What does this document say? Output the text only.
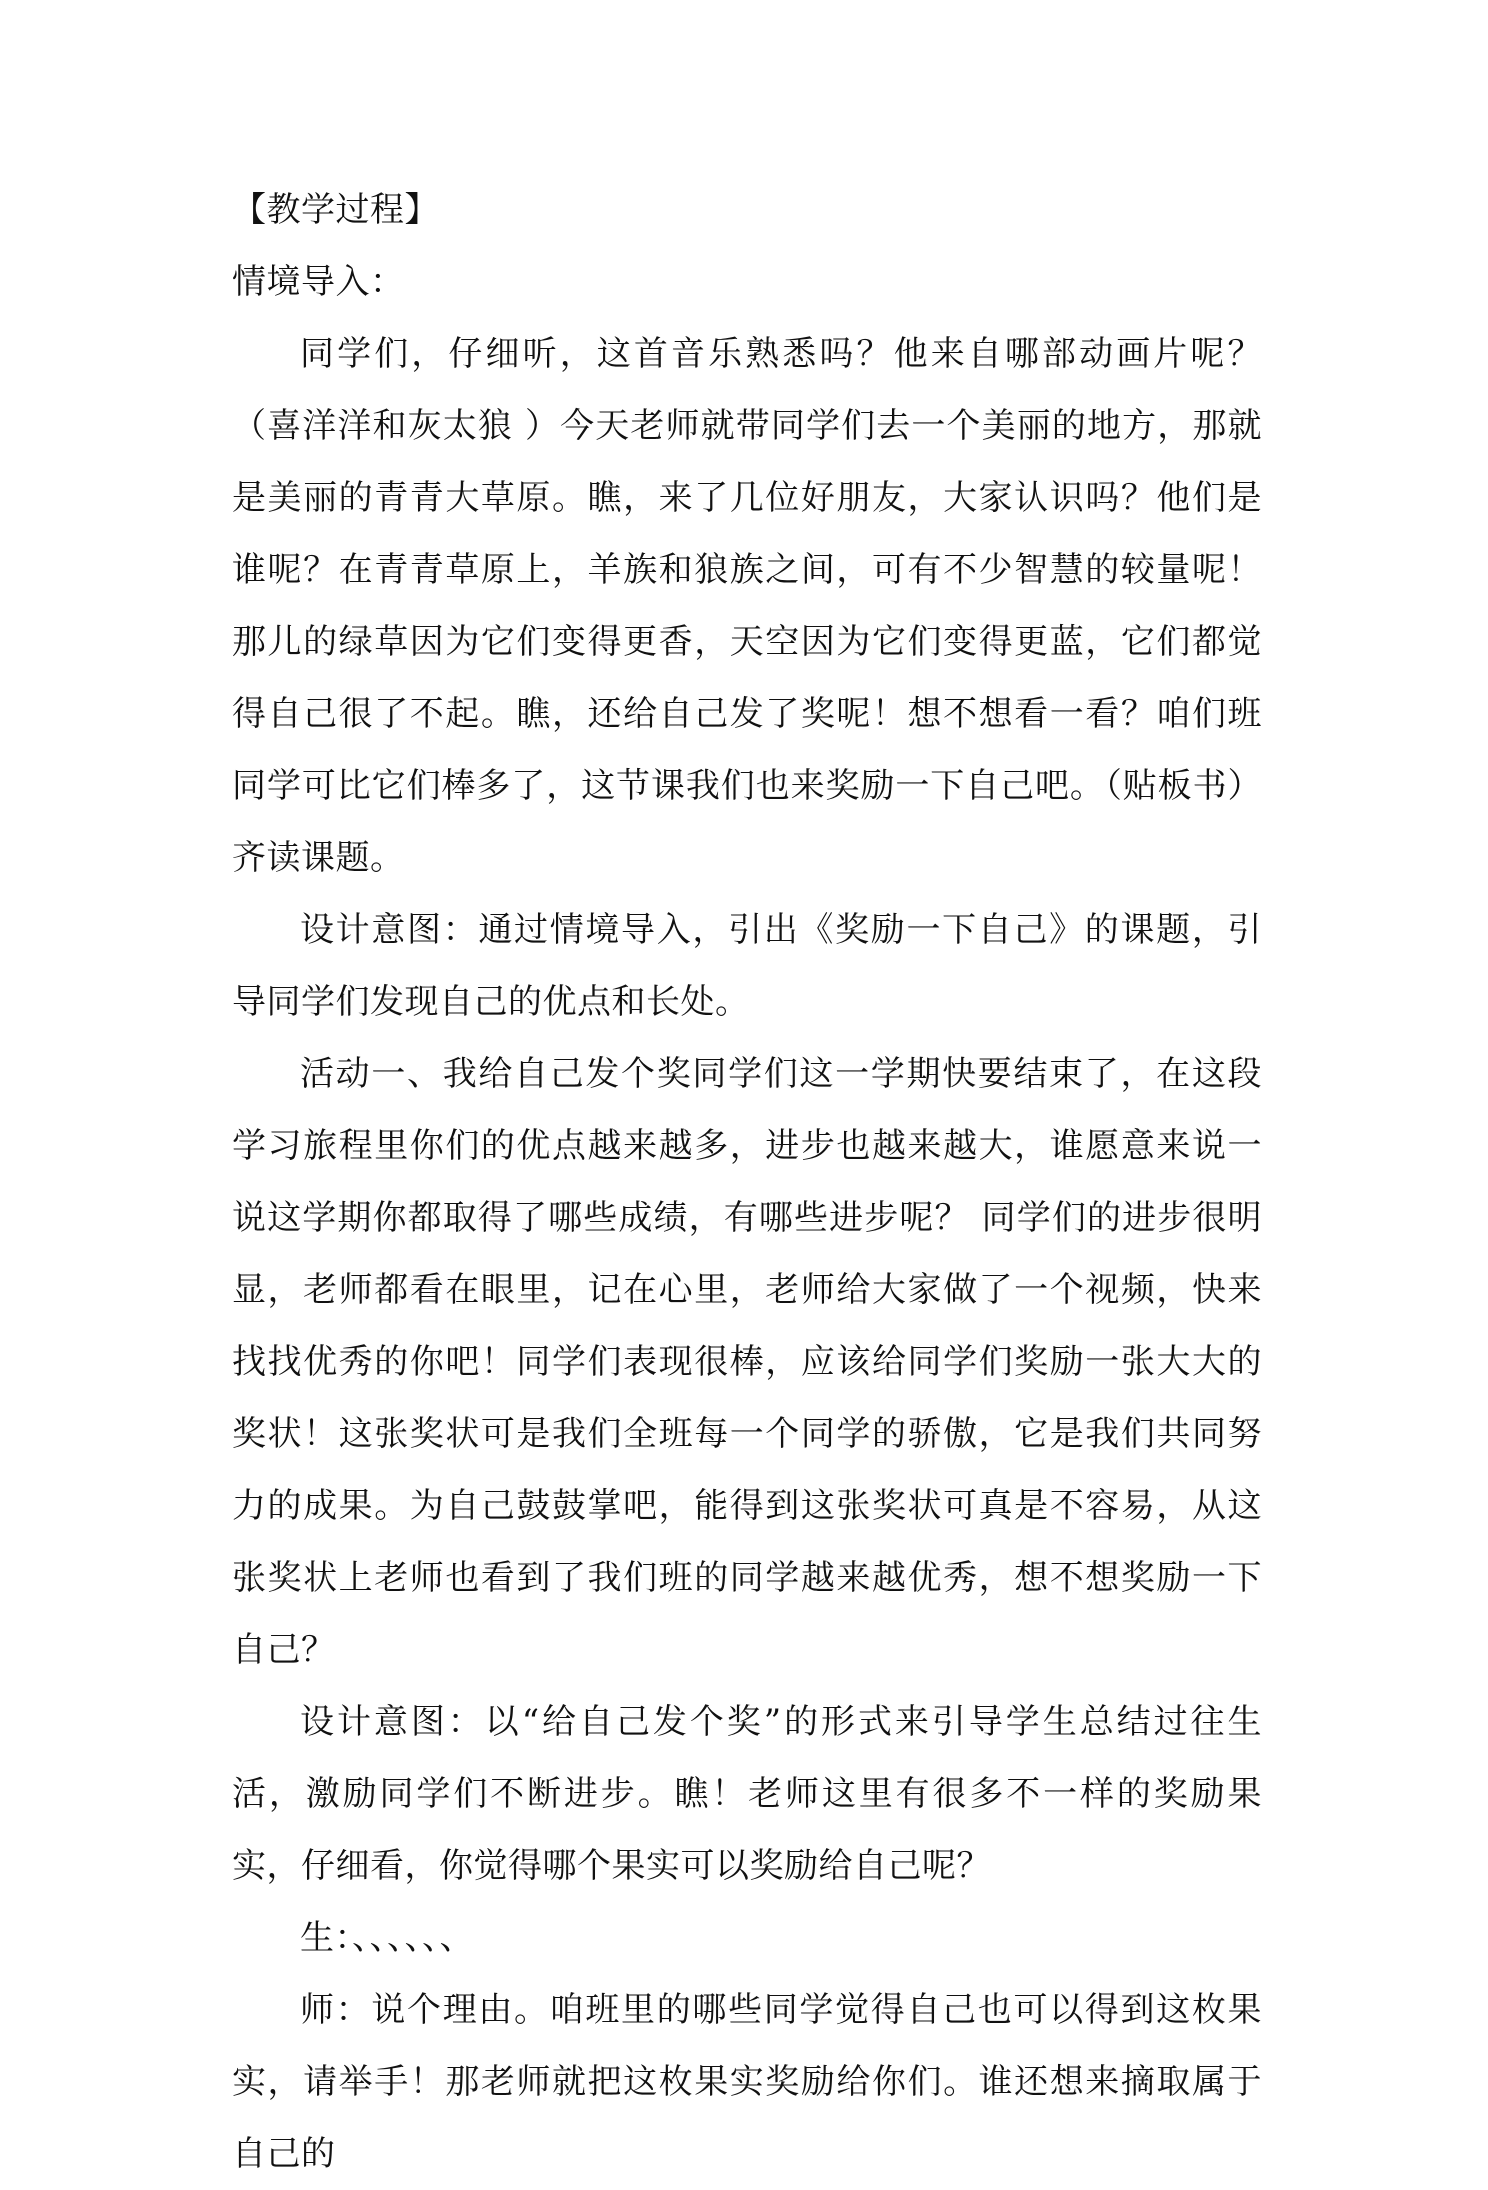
【教学过程】

情境导入：

同学们，仔细听，这首音乐熟悉吗？他来自哪部动画片呢？（喜洋洋和灰太狼 ）今天老师就带同学们去一个美丽的地方，那就是美丽的青青大草原。瞧，来了几位好朋友，大家认识吗？他们是谁呢？在青青草原上，羊族和狼族之间，可有不少智慧的较量呢！那儿的绿草因为它们变得更香，天空因为它们变得更蓝，它们都觉得自己很了不起。瞧，还给自己发了奖呢！想不想看一看？咱们班同学可比它们棒多了，这节课我们也来奖励一下自己吧。（贴板书）齐读课题。

设计意图：通过情境导入，引出《奖励一下自己》的课题，引导同学们发现自己的优点和长处。

活动一、我给自己发个奖同学们这一学期快要结束了，在这段学习旅程里你们的优点越来越多，进步也越来越大，谁愿意来说一说这学期你都取得了哪些成绩，有哪些进步呢？ 同学们的进步很明显，老师都看在眼里，记在心里，老师给大家做了一个视频，快来找找优秀的你吧！同学们表现很棒，应该给同学们奖励一张大大的奖状！这张奖状可是我们全班每一个同学的骄傲，它是我们共同努力的成果。为自己鼓鼓掌吧，能得到这张奖状可真是不容易，从这张奖状上老师也看到了我们班的同学越来越优秀，想不想奖励一下自己？

设计意图：以“给自己发个奖”的形式来引导学生总结过往生活，激励同学们不断进步。瞧！老师这里有很多不一样的奖励果实，仔细看，你觉得哪个果实可以奖励给自己呢？

生：、、、、、、

师：说个理由。咱班里的哪些同学觉得自己也可以得到这枚果实，请举手！那老师就把这枚果实奖励给你们。谁还想来摘取属于自己的
